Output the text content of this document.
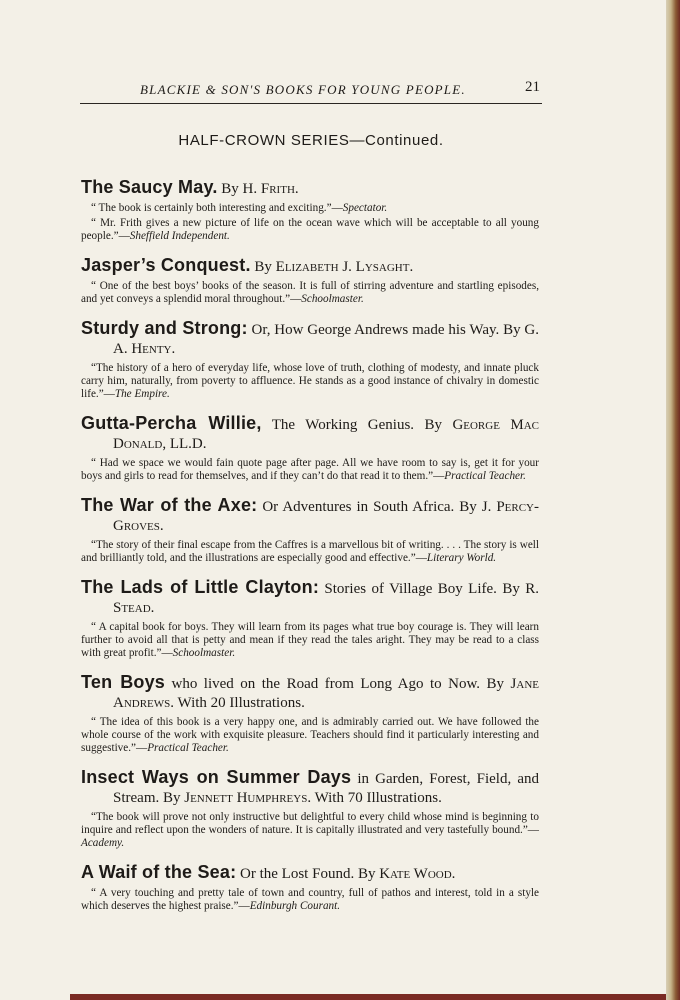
BLACKIE & SON'S BOOKS FOR YOUNG PEOPLE.	21
HALF-CROWN SERIES—Continued.
The Saucy May. By H. Frith.
“ The book is certainly both interesting and exciting.”—Spectator.
“ Mr. Frith gives a new picture of life on the ocean wave which will be acceptable to all young people.”—Sheffield Independent.
Jasper’s Conquest. By Elizabeth J. Lysaght.
“ One of the best boys’ books of the season. It is full of stirring adventure and startling episodes, and yet conveys a splendid moral throughout.”—Schoolmaster.
Sturdy and Strong: Or, How George Andrews made his Way. By G. A. Henty.
“The history of a hero of everyday life, whose love of truth, clothing of modesty, and innate pluck carry him, naturally, from poverty to affluence. He stands as a good instance of chivalry in domestic life.”—The Empire.
Gutta-Percha Willie, The Working Genius. By George Mac Donald, LL.D.
“ Had we space we would fain quote page after page. All we have room to say is, get it for your boys and girls to read for themselves, and if they can’t do that read it to them.”—Practical Teacher.
The War of the Axe: Or Adventures in South Africa. By J. Percy-Groves.
“The story of their final escape from the Caffres is a marvellous bit of writing. . . . The story is well and brilliantly told, and the illustrations are especially good and effective.”—Literary World.
The Lads of Little Clayton: Stories of Village Boy Life. By R. Stead.
“ A capital book for boys. They will learn from its pages what true boy courage is. They will learn further to avoid all that is petty and mean if they read the tales aright. They may be read to a class with great profit.”—Schoolmaster.
Ten Boys who lived on the Road from Long Ago to Now. By Jane Andrews. With 20 Illustrations.
“ The idea of this book is a very happy one, and is admirably carried out. We have followed the whole course of the work with exquisite pleasure. Teachers should find it particularly interesting and suggestive.”—Practical Teacher.
Insect Ways on Summer Days in Garden, Forest, Field, and Stream. By Jennett Humphreys. With 70 Illustrations.
“The book will prove not only instructive but delightful to every child whose mind is beginning to inquire and reflect upon the wonders of nature. It is capitally illustrated and very tastefully bound.”—Academy.
A Waif of the Sea: Or the Lost Found. By Kate Wood.
“ A very touching and pretty tale of town and country, full of pathos and interest, told in a style which deserves the highest praise.”—Edinburgh Courant.
